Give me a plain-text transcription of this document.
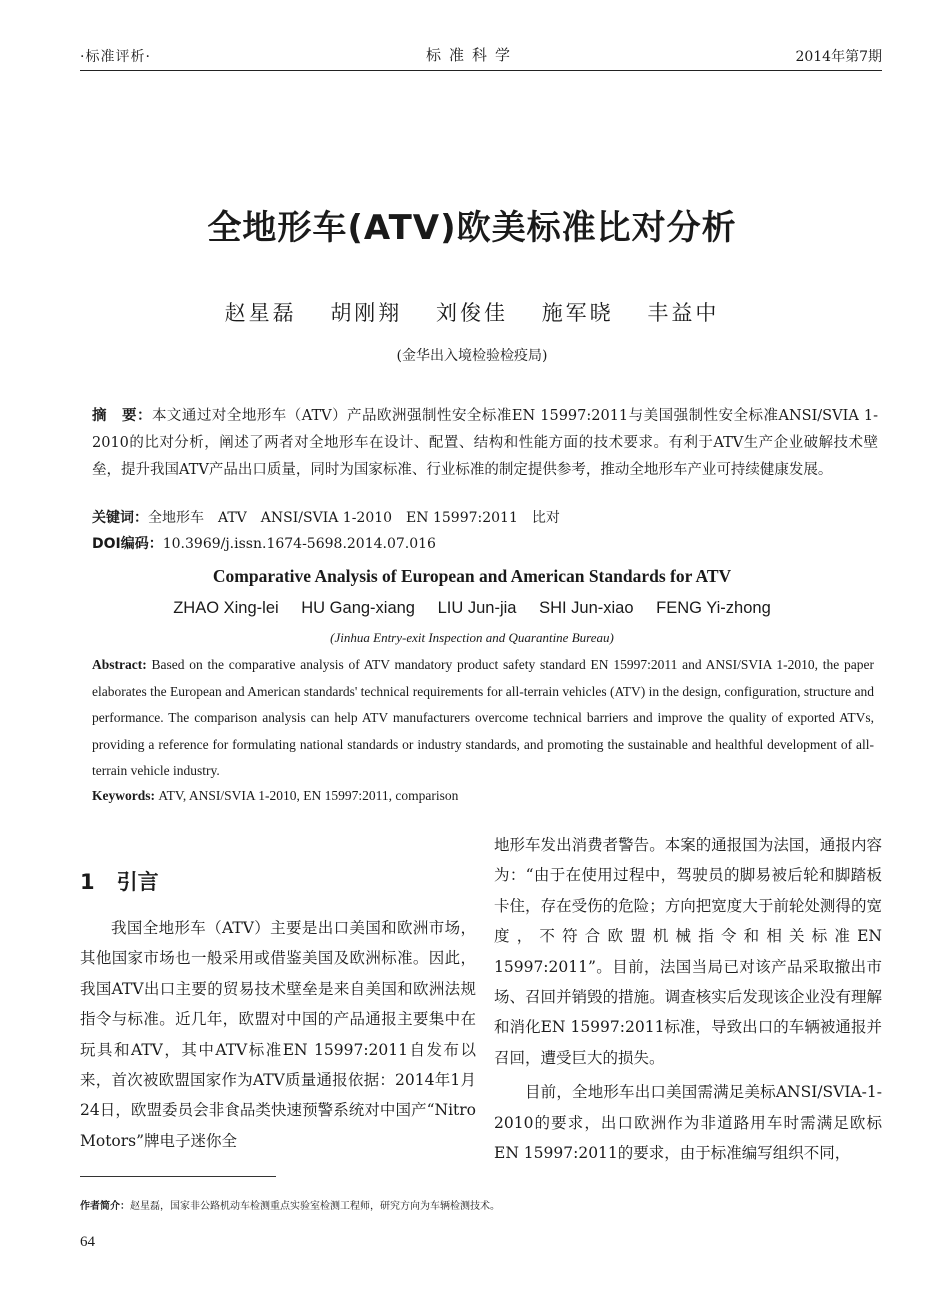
·标准评析·	标准科学	2014年第7期
全地形车(ATV)欧美标准比对分析
赵星磊 胡刚翔 刘俊佳 施军晓 丰益中
(金华出入境检验检疫局)
摘　要：本文通过对全地形车（ATV）产品欧洲强制性安全标准EN 15997:2011与美国强制性安全标准ANSI/SVIA 1-2010的比对分析，阐述了两者对全地形车在设计、配置、结构和性能方面的技术要求。有利于ATV生产企业破解技术壁垒，提升我国ATV产品出口质量，同时为国家标准、行业标准的制定提供参考，推动全地形车产业可持续健康发展。
关键词：全地形车　ATV　ANSI/SVIA 1-2010　EN 15997:2011　比对
DOI编码：10.3969/j.issn.1674-5698.2014.07.016
Comparative Analysis of European and American Standards for ATV
ZHAO Xing-lei HU Gang-xiang LIU Jun-jia SHI Jun-xiao FENG Yi-zhong
(Jinhua Entry-exit Inspection and Quarantine Bureau)
Abstract: Based on the comparative analysis of ATV mandatory product safety standard EN 15997:2011 and ANSI/SVIA 1-2010, the paper elaborates the European and American standards' technical requirements for all-terrain vehicles (ATV) in the design, configuration, structure and performance. The comparison analysis can help ATV manufacturers overcome technical barriers and improve the quality of exported ATVs, providing a reference for formulating national standards or industry standards, and promoting the sustainable and healthful development of all-terrain vehicle industry.
Keywords: ATV, ANSI/SVIA 1-2010, EN 15997:2011, comparison
1 引言

我国全地形车（ATV）主要是出口美国和欧洲市场，其他国家市场也一般采用或借鉴美国及欧洲标准。因此，我国ATV出口主要的贸易技术壁垒是来自美国和欧洲法规指令与标准。近几年，欧盟对中国的产品通报主要集中在玩具和ATV，其中ATV标准EN 15997:2011自发布以来，首次被欧盟国家作为ATV质量通报依据：2014年1月24日，欧盟委员会非食品类快速预警系统对中国产“Nitro Motors”牌电子迷你全

地形车发出消费者警告。本案的通报国为法国，通报内容为：“由于在使用过程中，驾驶员的脚易被后轮和脚踏板卡住，存在受伤的危险；方向把宽度大于前轮处测得的宽度，不符合欧盟机械指令和相关标准EN 15997:2011”。目前，法国当局已对该产品采取撤出市场、召回并销毁的措施。调查核实后发现该企业没有理解和消化EN 15997:2011标准，导致出口的车辆被通报并召回，遭受巨大的损失。

目前，全地形车出口美国需满足美标ANSI/SVIA-1-2010的要求，出口欧洲作为非道路用车时需满足欧标EN 15997:2011的要求，由于标准编写组织不同，

作者简介：赵星磊，国家非公路机动车检测重点实验室检测工程师，研究方向为车辆检测技术。
64
